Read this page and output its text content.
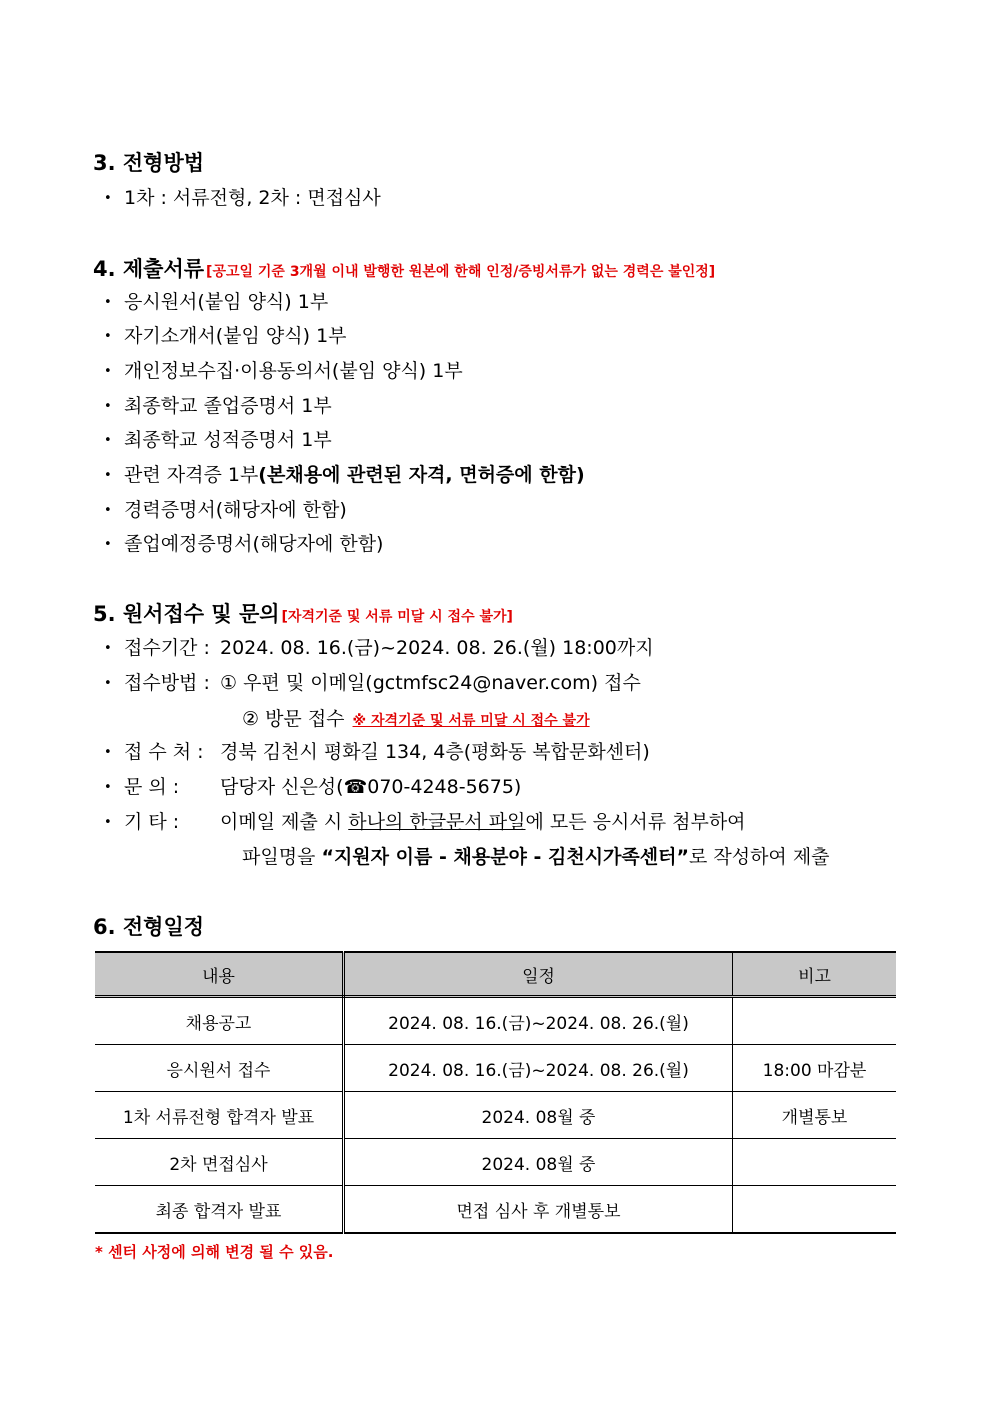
3. 전형방법
• 1차 : 서류전형, 2차 : 면접심사
4. 제출서류 [공고일 기준 3개월 이내 발행한 원본에 한해 인정/증빙서류가 없는 경력은 불인정]
• 응시원서(붙임 양식) 1부
• 자기소개서(붙임 양식) 1부
• 개인정보수집·이용동의서(붙임 양식) 1부
• 최종학교 졸업증명서 1부
• 최종학교 성적증명서 1부
• 관련 자격증 1부(본채용에 관련된 자격, 면허증에 한함)
• 경력증명서(해당자에 한함)
• 졸업예정증명서(해당자에 한함)
5. 원서접수 및 문의 [자격기준 및 서류 미달 시 접수 불가]
• 접수기간 : 2024. 08. 16.(금)~2024. 08. 26.(월) 18:00까지
• 접수방법 : ① 우편 및 이메일(gctmfsc24@naver.com) 접수
② 방문 접수 ※ 자격기준 및 서류 미달 시 접수 불가
• 접 수 처 : 경북 김천시 평화길 134, 4층(평화동 복합문화센터)
• 문 의 : 담당자 신은성(☎070-4248-5675)
• 기 타 : 이메일 제출 시 하나의 한글문서 파일에 모든 응시서류 첨부하여
파일명을 “지원자 이름 - 채용분야 - 김천시가족센터”로 작성하여 제출
6. 전형일정
내용	일정	비고
채용공고	2024. 08. 16.(금)~2024. 08. 26.(월)	
응시원서 접수	2024. 08. 16.(금)~2024. 08. 26.(월)	18:00 마감분
1차 서류전형 합격자 발표	2024. 08월 중	개별통보
2차 면접심사	2024. 08월 중	
최종 합격자 발표	면접 심사 후 개별통보	
* 센터 사정에 의해 변경 될 수 있음.
